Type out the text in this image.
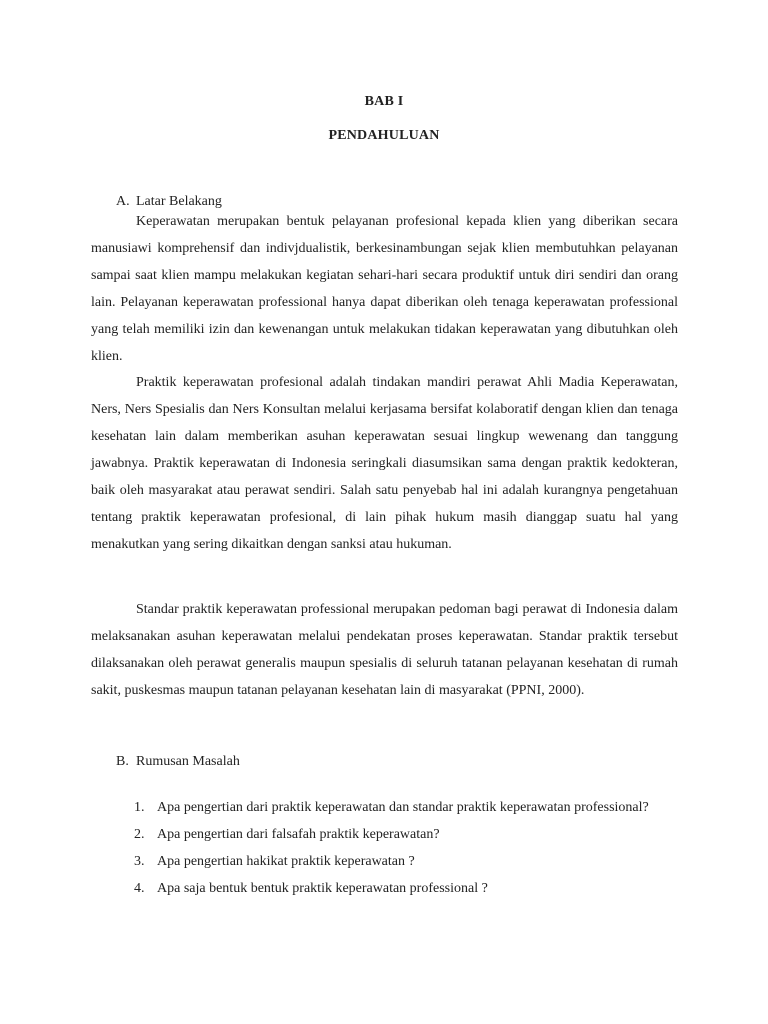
BAB I
PENDAHULUAN
A. Latar Belakang

Keperawatan merupakan bentuk pelayanan profesional kepada klien yang diberikan secara manusiawi komprehensif dan indivjdualistik, berkesinambungan sejak klien membutuhkan pelayanan sampai saat klien mampu melakukan kegiatan sehari-hari secara produktif untuk diri sendiri dan orang lain. Pelayanan keperawatan professional hanya dapat diberikan oleh tenaga keperawatan professional yang telah memiliki izin dan kewenangan untuk melakukan tidakan keperawatan yang dibutuhkan oleh klien.

Praktik keperawatan profesional adalah tindakan mandiri perawat Ahli Madia Keperawatan, Ners, Ners Spesialis dan Ners Konsultan melalui kerjasama bersifat kolaboratif dengan klien dan tenaga kesehatan lain dalam memberikan asuhan keperawatan sesuai lingkup wewenang dan tanggung jawabnya. Praktik keperawatan di Indonesia seringkali diasumsikan sama dengan praktik kedokteran, baik oleh masyarakat atau perawat sendiri. Salah satu penyebab hal ini adalah kurangnya pengetahuan tentang praktik keperawatan profesional, di lain pihak hukum masih dianggap suatu hal yang menakutkan yang sering dikaitkan dengan sanksi atau hukuman.

Standar praktik keperawatan professional merupakan pedoman bagi perawat di Indonesia dalam melaksanakan asuhan keperawatan melalui pendekatan proses keperawatan. Standar praktik tersebut dilaksanakan oleh perawat generalis maupun spesialis di seluruh tatanan pelayanan kesehatan di rumah sakit, puskesmas maupun tatanan pelayanan kesehatan lain di masyarakat (PPNI, 2000).

B. Rumusan Masalah
1. Apa pengertian dari praktik keperawatan dan standar praktik keperawatan professional?
2. Apa pengertian dari falsafah praktik keperawatan?
3. Apa pengertian hakikat praktik keperawatan ?
4. Apa saja bentuk bentuk praktik keperawatan professional ?
